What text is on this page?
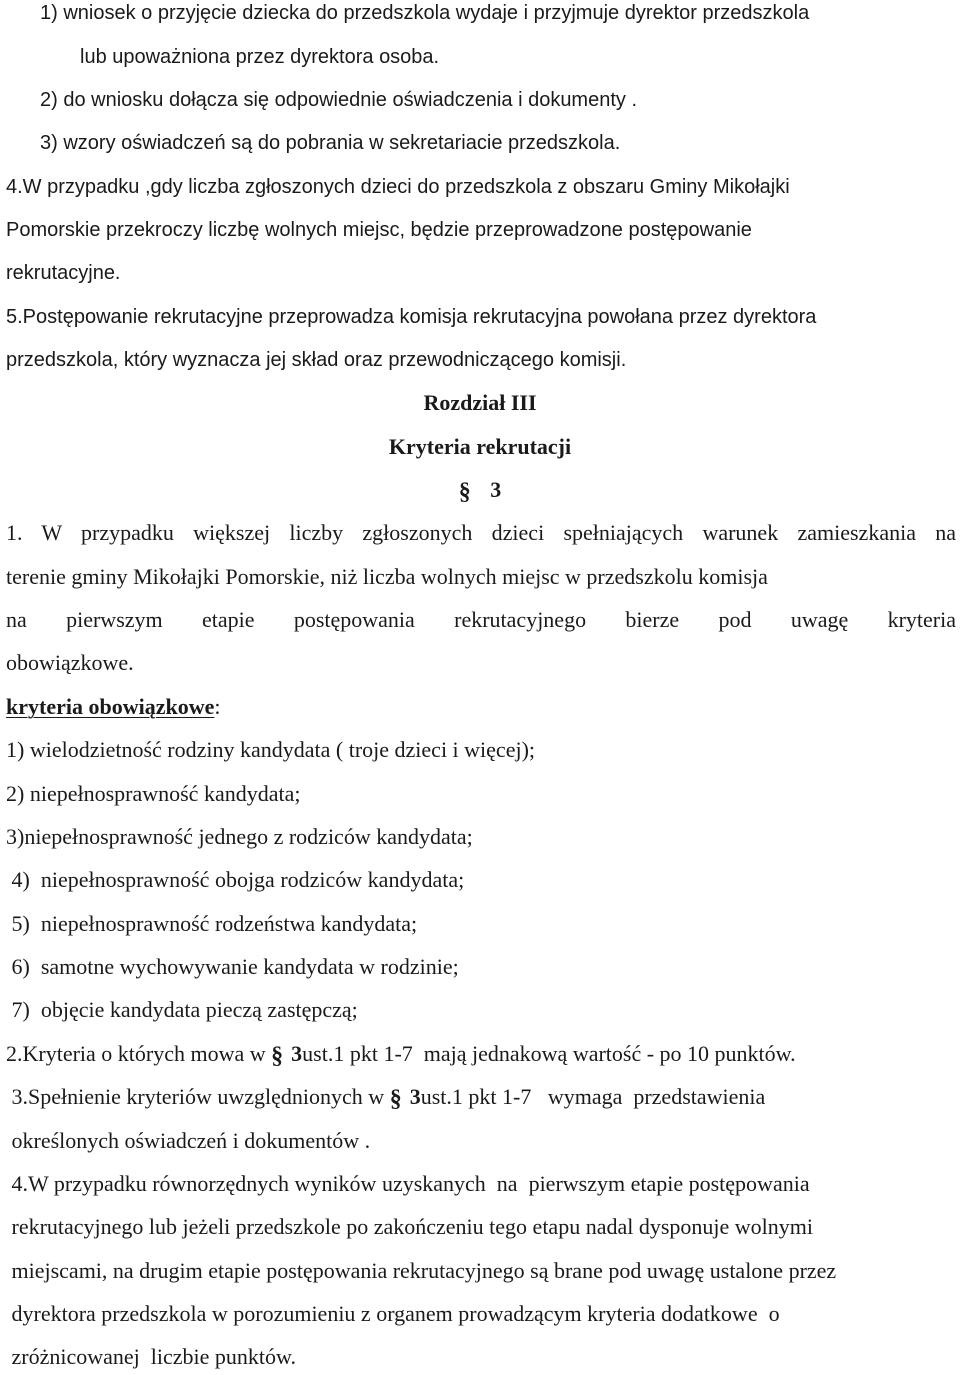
1) wniosek o przyjęcie dziecka do przedszkola wydaje i przyjmuje dyrektor przedszkola
lub upoważniona przez dyrektora osoba.
2) do wniosku dołącza się odpowiednie oświadczenia i dokumenty .
3) wzory oświadczeń są do pobrania w sekretariacie przedszkola.
4.W przypadku ,gdy liczba zgłoszonych dzieci do przedszkola z obszaru Gminy Mikołajki
Pomorskie przekroczy liczbę wolnych miejsc, będzie przeprowadzone postępowanie
rekrutacyjne.
5.Postępowanie rekrutacyjne przeprowadza komisja rekrutacyjna powołana przez dyrektora
przedszkola, który wyznacza jej skład oraz przewodniczącego komisji.
Rozdział III
Kryteria rekrutacji
§ 3
1. W przypadku większej liczby zgłoszonych dzieci spełniających warunek zamieszkania na
terenie gminy Mikołajki Pomorskie, niż liczba wolnych miejsc w przedszkolu komisja
na pierwszym etapie postępowania rekrutacyjnego bierze pod uwagę kryteria
obowiązkowe.
kryteria obowiązkowe:
1) wielodzietność rodziny kandydata ( troje dzieci i więcej);
2) niepełnosprawność kandydata;
3)niepełnosprawność jednego z rodziców kandydata;
4)  niepełnosprawność obojga rodziców kandydata;
5)  niepełnosprawność rodzeństwa kandydata;
6)  samotne wychowywanie kandydata w rodzinie;
7)  objęcie kandydata pieczą zastępczą;
2.Kryteria o których mowa w § 3ust.1 pkt 1-7  mają jednakową wartość - po 10 punktów.
3.Spełnienie kryteriów uwzględnionych w § 3ust.1 pkt 1-7   wymaga  przedstawienia
określonych oświadczeń i dokumentów .
4.W przypadku równorzędnych wyników uzyskanych  na  pierwszym etapie postępowania
rekrutacyjnego lub jeżeli przedszkole po zakończeniu tego etapu nadal dysponuje wolnymi
miejscami, na drugim etapie postępowania rekrutacyjnego są brane pod uwagę ustalone przez
dyrektora przedszkola w porozumieniu z organem prowadzącym kryteria dodatkowe  o
zróżnicowanej  liczbie punktów.
